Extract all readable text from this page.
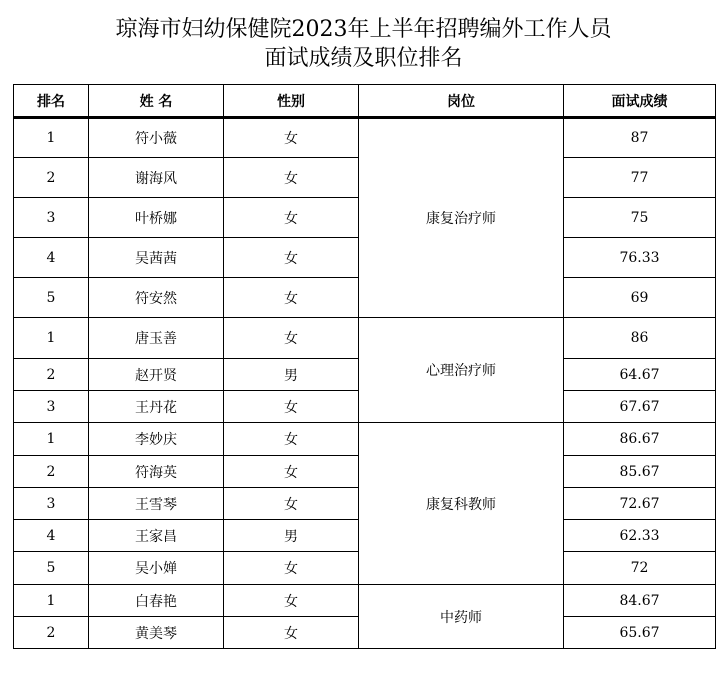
琼海市妇幼保健院2023年上半年招聘编外工作人员
面试成绩及职位排名
排名	姓 名	性别	岗位	面试成绩
1	符小薇	女	康复治疗师	87
2	谢海风	女		77
3	叶桥娜	女		75
4	吴茜茜	女		76.33
5	符安然	女		69
1	唐玉善	女	心理治疗师	86
2	赵开贤	男		64.67
3	王丹花	女		67.67
1	李妙庆	女	康复科教师	86.67
2	符海英	女		85.67
3	王雪琴	女		72.67
4	王家昌	男		62.33
5	吴小婵	女		72
1	白春艳	女	中药师	84.67
2	黄美琴	女		65.67
